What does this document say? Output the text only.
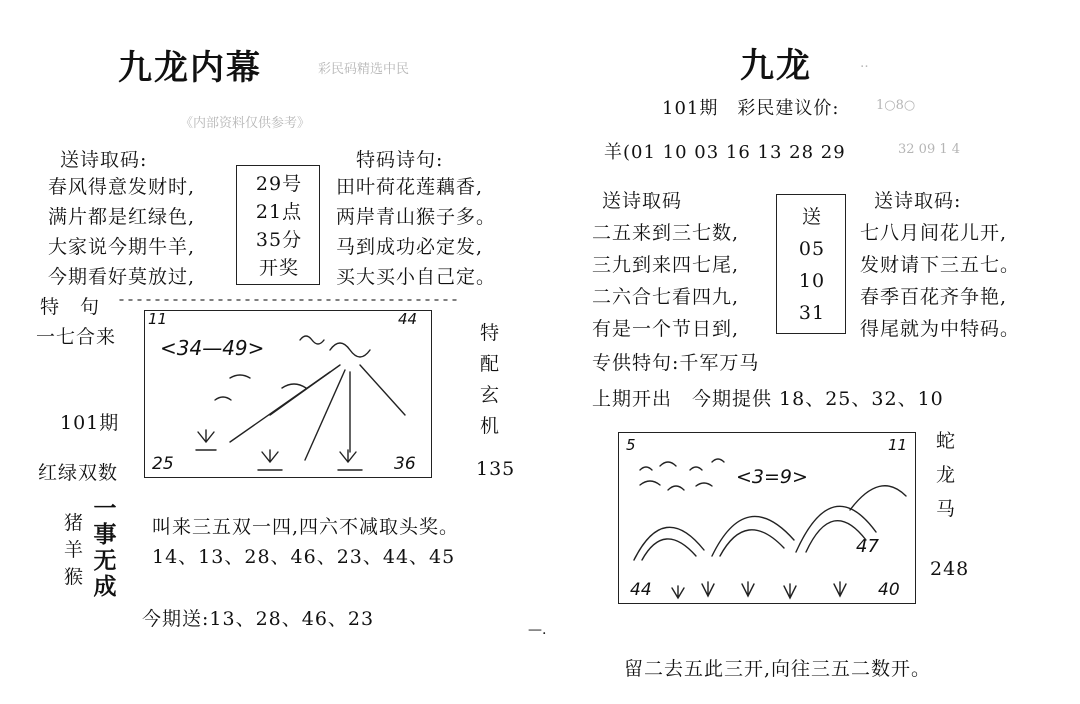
九龙内幕	彩民码精选中民
《内部资料仅供参考》
送诗取码:
春风得意发财时,
满片都是红绿色,
大家说今期牛羊,
今期看好莫放过,
29号
21点
35分
开奖
特码诗句:
田叶荷花莲藕香,
两岸青山猴子多。
马到成功必定发,
买大买小自己定。
特　句
一七合来
101期
红绿双数
特
配
玄
机
135
11	44
25	36
<34—49>
猪
羊
猴
一
事
无
成
叫来三五双一四,四六不减取头奖。
14、13、28、46、23、44、45
今期送:13、28、46、23	—.
九龙	‥
101期　彩民建议价:	1○8○
羊(01 10 03 16 13 28 29	32 09 1 4
送诗取码	送诗取码:
二五来到三七数,
三九到来四七尾,
二六合七看四九,
有是一个节日到,
送
05
10
31
七八月间花儿开,
发财请下三五七。
春季百花齐争艳,
得尾就为中特码。
专供特句:千军万马
上期开出　今期提供 18、25、32、10
5	11
44	40
47
<3=9>
蛇
龙
马
248
留二去五此三开,向往三五二数开。
